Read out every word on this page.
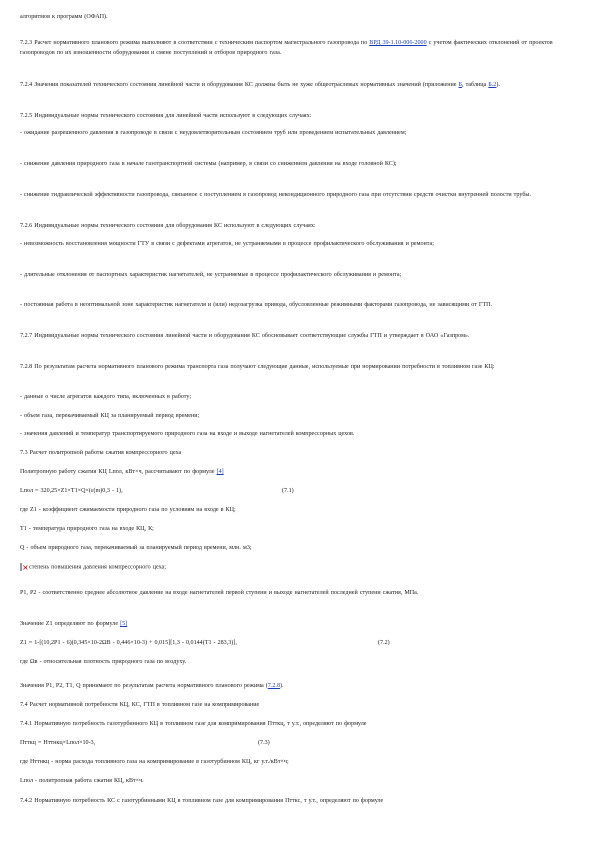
алгоритмов к программ (ОФАП).
7.2.3 Расчет нормативного планового режима выполняют в соответствии с техническим паспортом магистрального газопровода по ВРД 39-1.10-006-2000 с учетом фактических отклонений от проектов газопроводов по их изношенности оборудования и смене поступлений и отборов природного газа.
7.2.4 Значения показателей технического состояния линейной части и оборудования КС должны быть не хуже общеотраслевых нормативных значений (приложение Б, таблица Б.2).
7.2.5 Индивидуальные нормы технического состояния для линейной части используют в следующих случаях:
- ожидание разрешенного давления в газопроводе в связи с неудовлетворительным состоянием труб или проведением испытательных давлением;
- снижение давления природного газа в начале газотранспортной системы (например, в связи со снижением давления на входе головной КС);
- снижение гидравлической эффективности газопровода, связанное с поступлением в газопровод некондиционного природного газа при отсутствии средств очистки внутренней полости трубы.
7.2.6 Индивидуальные нормы технического состояния для оборудования КС используют в следующих случаях:
- невозможность восстановления мощности ГТУ в связи с дефектами агрегатов, не устраняемыми в процессе профилактического обслуживания и ремонта;
- длительные отклонения от паспортных характеристик нагнетателей, не устраняемые в процессе профилактического обслуживания и ремонта;
- постоянная работа в неоптимальной зоне характеристик нагнетателя и (или) недозагрузка привода, обусловленные режимными факторами газопровода, не зависящими от ГТП.
7.2.7 Индивидуальные нормы технического состояния линейной части и оборудования КС обосновывает соответствующие службы ГТП и утверждает в ОАО «Газпром».
7.2.8 По результатам расчета нормативного планового режима транспорта газа получают следующие данные, используемые при нормировании потребности в топливном газе КЦ:
- данные о числе агрегатов каждого типа, включенных в работу;
- объем газа, перекачиваемый КЦ за планируемый период времени;
- значения давлений и температур транспортируемого природного газа на входе и выходе нагнетателей компрессорных цехов.
7.3 Расчет политропной работы сжатия компрессорного цеха
Политропную работу сжатия КЦ Lпол, кВт×ч, рассчитывают по формуле [4]
Lпол = 320,25×Z1×T1×Q×(ε(m)0,3 - 1),	(7.1)
где Z1 - коэффициент сжимаемости природного газа по условиям на входе в КЦ;
T1 - температура природного газа на входе КЦ, К;
Q - объем природного газа, перекачиваемый за планируемый период времени, млн. м3;
× - степень повышения давления компрессорного цеха;
P1, P2 - соответственно среднее абсолютное давление на входе нагнетателей первой ступени и выходе нагнетателей последней ступени сжатия, МПа.
Значение Z1 определяют по формуле [5]
Z1 = 1-[(10,2P1 - 6)(0,345×10-2ΩΒ - 0,446×10-3) + 0,015][1,3 - 0,0144(T1 - 283,3)],	(7.2)
где Ωв - относительная плотность природного газа по воздуху.
Значения P1, P2, T1, Q принимают по результатам расчета нормативного планового режима (7.2.8).
7.4 Расчет нормативной потребности КЦ, КС, ГТП в топливном газе на компримирование
7.4.1 Нормативную потребность газотурбинного КЦ в топливном газе для компримирования Птткц, т у.т., определяют по формуле
Птткц = Нттнкц×Lпол×10-3,	(7.3)
где Нттнкц - норма расхода топливного газа на компримирование в газотурбинном КЦ, кг у.т./кВт×ч;
Lпол - политропная работа сжатия КЦ, кВт×ч.
7.4.2 Нормативную потребность КС с газотурбинными КЦ в топливном газе для компримирования Птткс, т у.т., определяют по формуле
